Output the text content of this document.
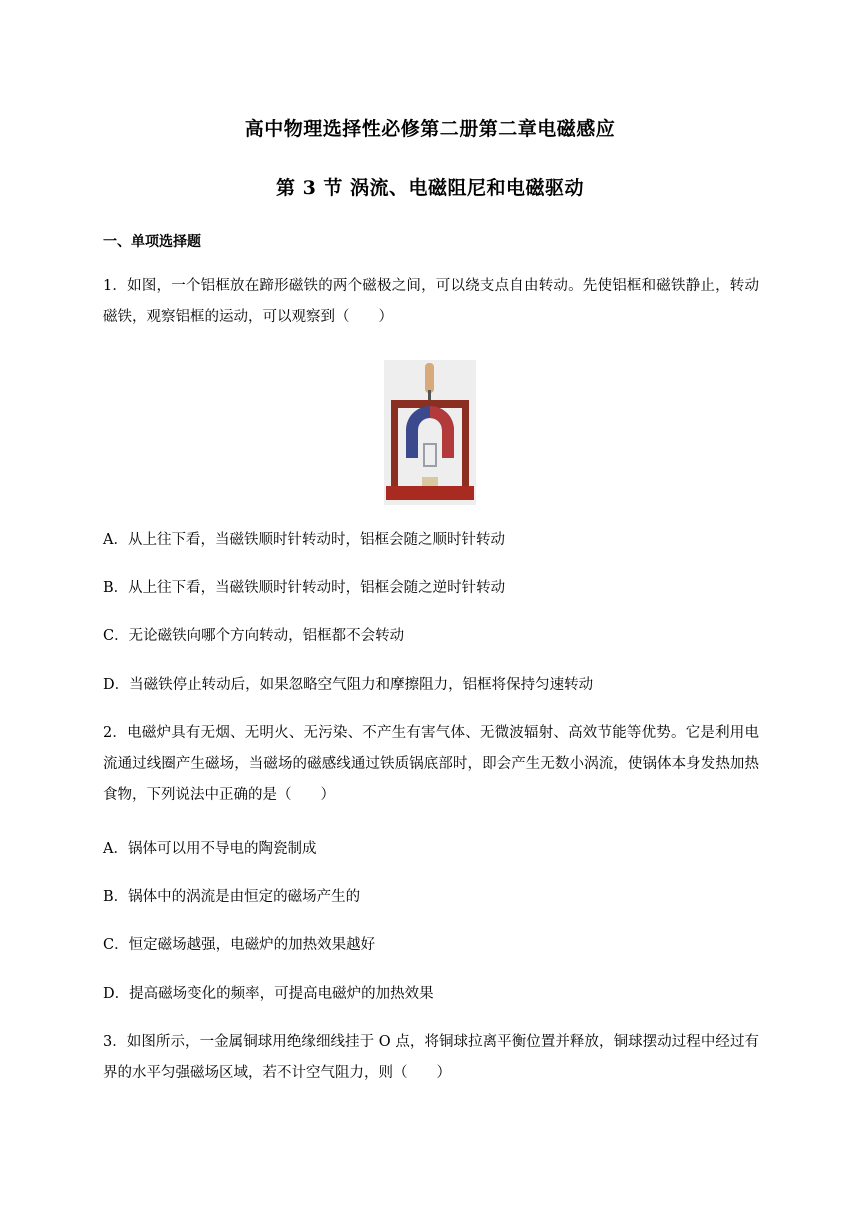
高中物理选择性必修第二册第二章电磁感应
第 3 节 涡流、电磁阻尼和电磁驱动
一、单项选择题
1．如图，一个铝框放在蹄形磁铁的两个磁极之间，可以绕支点自由转动。先使铝框和磁铁静止，转动磁铁，观察铝框的运动，可以观察到（　　）
A．从上往下看，当磁铁顺时针转动时，铝框会随之顺时针转动
B．从上往下看，当磁铁顺时针转动时，铝框会随之逆时针转动
C．无论磁铁向哪个方向转动，铝框都不会转动
D．当磁铁停止转动后，如果忽略空气阻力和摩擦阻力，铝框将保持匀速转动
2．电磁炉具有无烟、无明火、无污染、不产生有害气体、无微波辐射、高效节能等优势。它是利用电流通过线圈产生磁场，当磁场的磁感线通过铁质锅底部时，即会产生无数小涡流，使锅体本身发热加热食物，下列说法中正确的是（　　）
A．锅体可以用不导电的陶瓷制成
B．锅体中的涡流是由恒定的磁场产生的
C．恒定磁场越强，电磁炉的加热效果越好
D．提高磁场变化的频率，可提高电磁炉的加热效果
3．如图所示，一金属铜球用绝缘细线挂于 O 点，将铜球拉离平衡位置并释放，铜球摆动过程中经过有界的水平匀强磁场区域，若不计空气阻力，则（　　）
